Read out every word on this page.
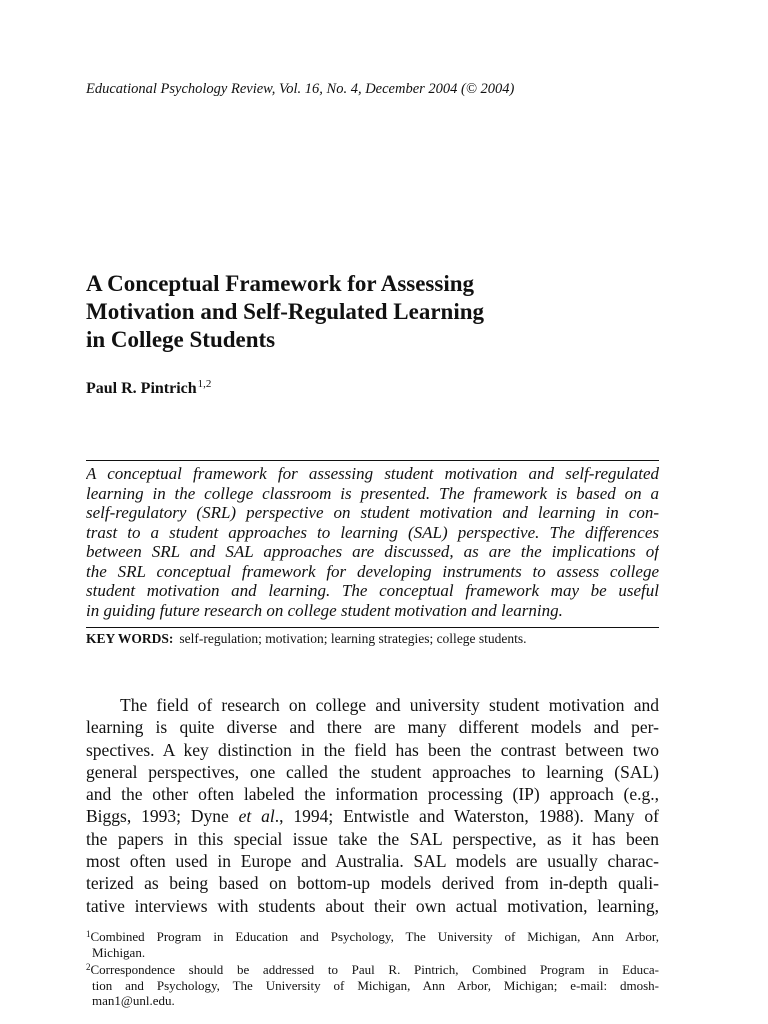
Educational Psychology Review, Vol. 16, No. 4, December 2004 (© 2004)
A Conceptual Framework for Assessing
Motivation and Self-Regulated Learning
in College Students
Paul R. Pintrich$^{1,2}$
A conceptual framework for assessing student motivation and self-regulated
learning in the college classroom is presented. The framework is based on a
self-regulatory (SRL) perspective on student motivation and learning in con-
trast to a student approaches to learning (SAL) perspective. The differences
between SRL and SAL approaches are discussed, as are the implications of
the SRL conceptual framework for developing instruments to assess college
student motivation and learning. The conceptual framework may be useful
in guiding future research on college student motivation and learning.
KEY WORDS: self-regulation; motivation; learning strategies; college students.
The field of research on college and university student motivation and
learning is quite diverse and there are many different models and per-
spectives. A key distinction in the field has been the contrast between two
general perspectives, one called the student approaches to learning (SAL)
and the other often labeled the information processing (IP) approach (e.g.,
Biggs, 1993; Dyne et al., 1994; Entwistle and Waterston, 1988). Many of
the papers in this special issue take the SAL perspective, as it has been
most often used in Europe and Australia. SAL models are usually charac-
terized as being based on bottom-up models derived from in-depth quali-
tative interviews with students about their own actual motivation, learning,
$^1$Combined Program in Education and Psychology, The University of Michigan, Ann Arbor,
Michigan.
$^2$Correspondence should be addressed to Paul R. Pintrich, Combined Program in Educa-
tion and Psychology, The University of Michigan, Ann Arbor, Michigan; e-mail: dmosh-
man1@unl.edu.
